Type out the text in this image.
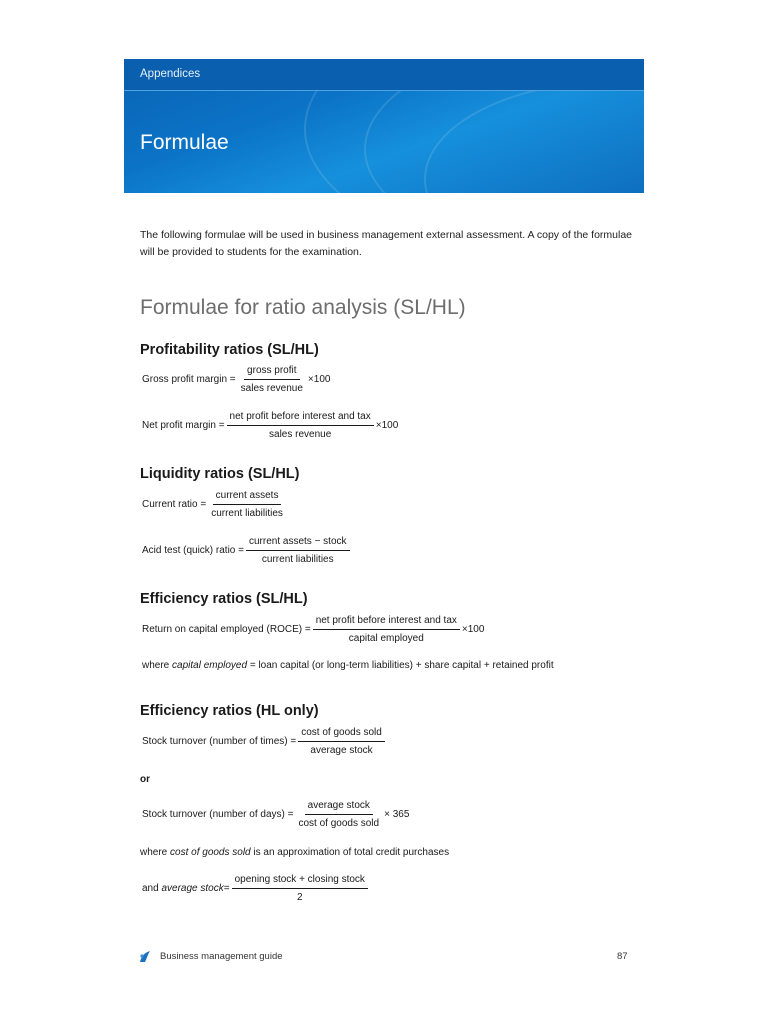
Appendices
Formulae

The following formulae will be used in business management external assessment. A copy of the formulae will be provided to students for the examination.

Formulae for ratio analysis (SL/HL)
Profitability ratios (SL/HL)
Gross profit margin = $\frac{\text{gross profit}}{\text{sales revenue}} \times 100$
Net profit margin = $\frac{\text{net profit before interest and tax}}{\text{sales revenue}} \times 100$
Liquidity ratios (SL/HL)
Current ratio = $\frac{\text{current assets}}{\text{current liabilities}}$
Acid test (quick) ratio = $\frac{\text{current assets − stock}}{\text{current liabilities}}$
Efficiency ratios (SL/HL)
Return on capital employed (ROCE) = $\frac{\text{net profit before interest and tax}}{\text{capital employed}} \times 100$
where capital employed = loan capital (or long-term liabilities) + share capital + retained profit
Efficiency ratios (HL only)
Stock turnover (number of times) = $\frac{\text{cost of goods sold}}{\text{average stock}}$
or
Stock turnover (number of days) = $\frac{\text{average stock}}{\text{cost of goods sold}} \times 365$
where cost of goods sold is an approximation of total credit purchases
and
average stock = $\frac{\text{opening stock + closing stock}}{2}$
Business management guide	87
